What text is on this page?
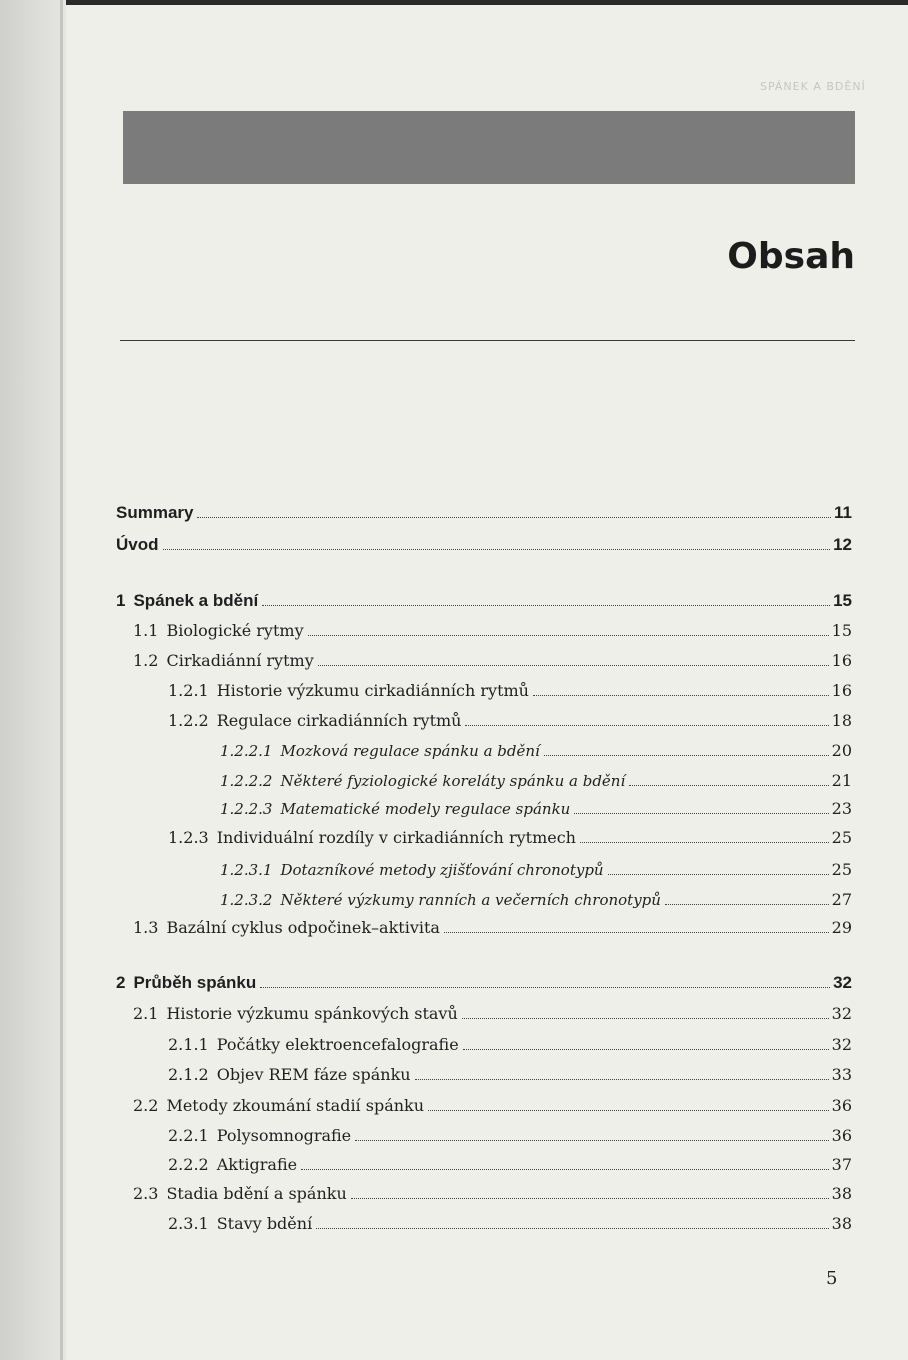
SPÁNEK A BDĚNÍ
Obsah
Summary	11
Úvod	12
1 Spánek a bdění	15
1.1 Biologické rytmy	15
1.2 Cirkadiánní rytmy	16
1.2.1 Historie výzkumu cirkadiánních rytmů	16
1.2.2 Regulace cirkadiánních rytmů	18
1.2.2.1 Mozková regulace spánku a bdění	20
1.2.2.2 Některé fyziologické koreláty spánku a bdění	21
1.2.2.3 Matematické modely regulace spánku	23
1.2.3 Individuální rozdíly v cirkadiánních rytmech	25
1.2.3.1 Dotazníkové metody zjišťování chronotypů	25
1.2.3.2 Některé výzkumy ranních a večerních chronotypů	27
1.3 Bazální cyklus odpočinek–aktivita	29
2 Průběh spánku	32
2.1 Historie výzkumu spánkových stavů	32
2.1.1 Počátky elektroencefalografie	32
2.1.2 Objev REM fáze spánku	33
2.2 Metody zkoumání stadií spánku	36
2.2.1 Polysomnografie	36
2.2.2 Aktigrafie	37
2.3 Stadia bdění a spánku	38
2.3.1 Stavy bdění	38
5
